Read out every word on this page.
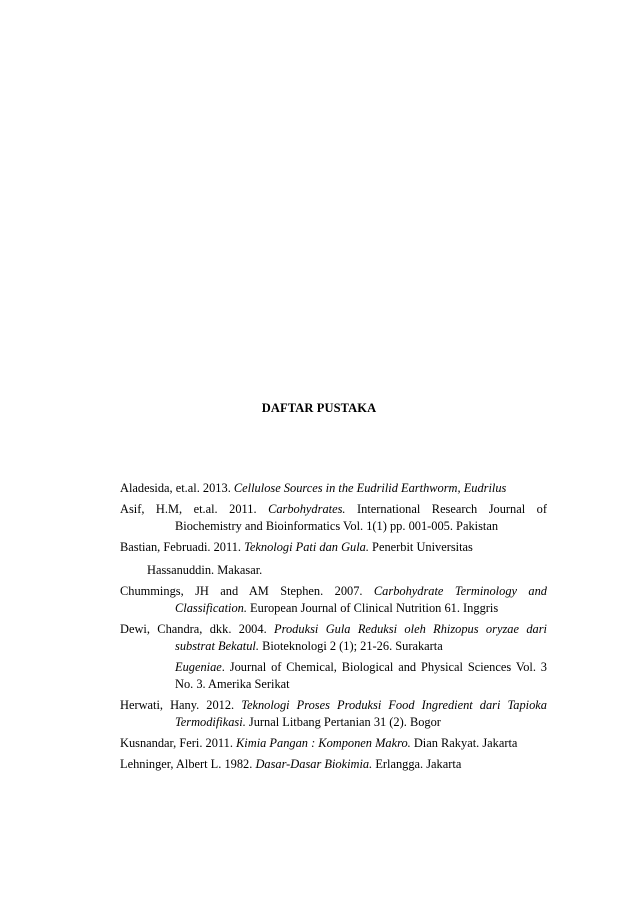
DAFTAR PUSTAKA
Aladesida, et.al. 2013. Cellulose Sources in the Eudrilid Earthworm, Eudrilus
Asif, H.M, et.al. 2011. Carbohydrates. International Research Journal of Biochemistry and Bioinformatics Vol. 1(1) pp. 001-005. Pakistan
Bastian, Februadi. 2011. Teknologi Pati dan Gula. Penerbit Universitas
Hassanuddin. Makasar.
Chummings, JH and AM Stephen. 2007. Carbohydrate Terminology and Classification. European Journal of Clinical Nutrition 61. Inggris
Dewi, Chandra, dkk. 2004. Produksi Gula Reduksi oleh Rhizopus oryzae dari substrat Bekatul. Bioteknologi 2 (1); 21-26. Surakarta
Eugeniae. Journal of Chemical, Biological and Physical Sciences Vol. 3 No. 3. Amerika Serikat
Herwati, Hany. 2012. Teknologi Proses Produksi Food Ingredient dari Tapioka Termodifikasi. Jurnal Litbang Pertanian 31 (2). Bogor
Kusnandar, Feri. 2011. Kimia Pangan : Komponen Makro. Dian Rakyat. Jakarta
Lehninger, Albert L. 1982. Dasar-Dasar Biokimia. Erlangga. Jakarta
